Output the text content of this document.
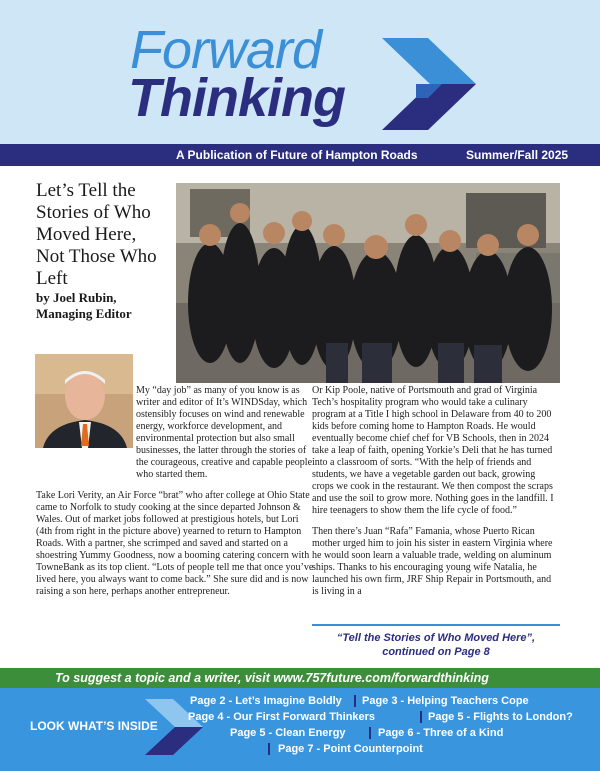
Forward
Thinking
A Publication of Future of Hampton Roads	Summer/Fall 2025
Let’s Tell the Stories of Who Moved Here, Not Those Who Left
by Joel Rubin, Managing Editor

My “day job” as many of you know is as writer and editor of It’s WINDSday, which ostensibly focuses on wind and renewable energy, workforce development, and environmental protection but also small businesses, the latter through the stories of the courageous, creative and capable people who started them.

Take Lori Verity, an Air Force “brat” who after college at Ohio State came to Norfolk to study cooking at the since departed Johnson & Wales. Out of market jobs followed at prestigious hotels, but Lori (4th from right in the picture above) yearned to return to Hampton Roads. With a partner, she scrimped and saved and started on a shoestring Yummy Goodness, now a booming catering concern with TowneBank as its top client. “Lots of people tell me that once you’ve lived here, you always want to come back.” She sure did and is now raising a son here, perhaps another entrepreneur.

Or Kip Poole, native of Portsmouth and grad of Virginia Tech’s hospitality program who would take a culinary program at a Title I high school in Delaware from 40 to 200 kids before coming home to Hampton Roads. He would eventually become chief chef for VB Schools, then in 2024 take a leap of faith, opening Yorkie’s Deli that he has turned into a classroom of sorts. “With the help of friends and students, we have a vegetable garden out back, growing crops we cook in the restaurant. We then compost the scraps and use the soil to grow more. Nothing goes in the landfill. I hire teenagers to show them the life cycle of food.”

Then there’s Juan “Rafa” Famania, whose Puerto Rican mother urged him to join his sister in eastern Virginia where he would soon learn a valuable trade, welding on aluminum ships. Thanks to his encouraging young wife Natalia, he launched his own firm, JRF Ship Repair in Portsmouth, and is living in a

“Tell the Stories of Who Moved Here”,
continued on Page 8
To suggest a topic and a writer, visit www.757future.com/forwardthinking
LOOK WHAT’S INSIDE
Page 2 - Let’s Imagine Boldly Page 3 - Helping Teachers Cope
Page 4 - Our First Forward Thinkers	Page 5 - Flights to London?
Page 5 - Clean Energy	Page 6 - Three of a Kind
Page 7 - Point Counterpoint
